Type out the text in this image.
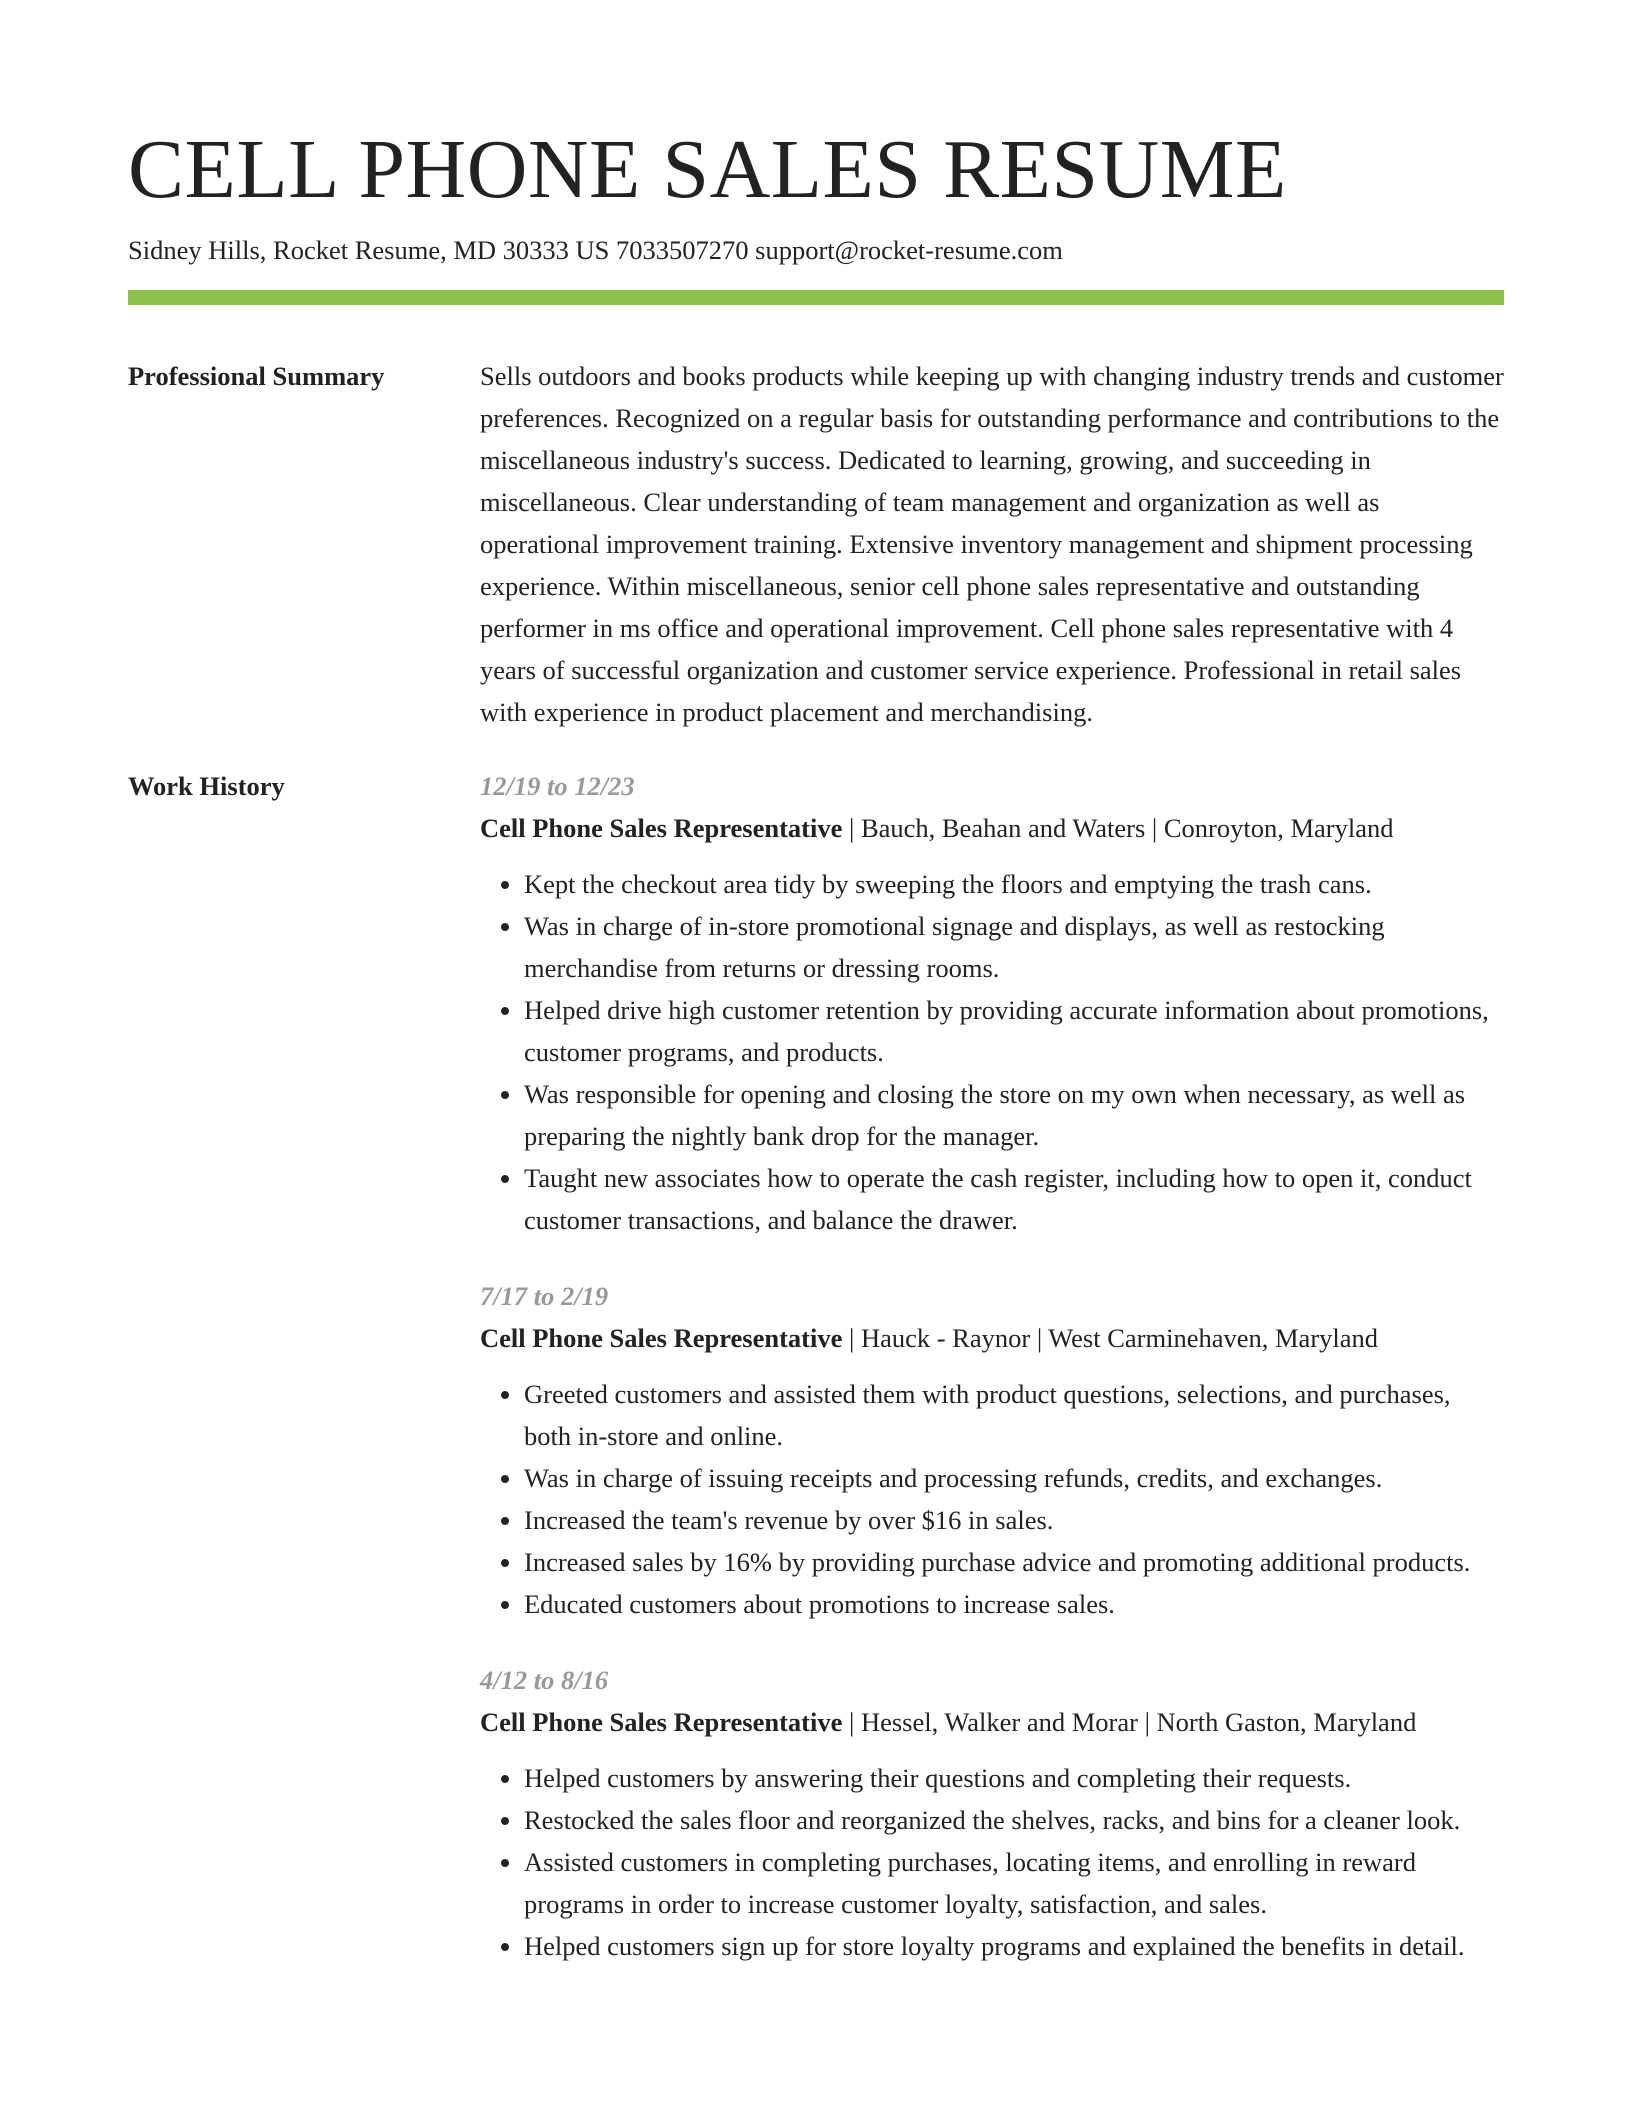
CELL PHONE SALES RESUME
Sidney Hills, Rocket Resume, MD 30333 US 7033507270 support@rocket-resume.com
Professional Summary	Sells outdoors and books products while keeping up with changing industry trends and customer preferences. Recognized on a regular basis for outstanding performance and contributions to the miscellaneous industry's success. Dedicated to learning, growing, and succeeding in miscellaneous. Clear understanding of team management and organization as well as operational improvement training. Extensive inventory management and shipment processing experience. Within miscellaneous, senior cell phone sales representative and outstanding performer in ms office and operational improvement. Cell phone sales representative with 4 years of successful organization and customer service experience. Professional in retail sales with experience in product placement and merchandising.

Work History	12/19 to 12/23
Cell Phone Sales Representative | Bauch, Beahan and Waters | Conroyton, Maryland
• Kept the checkout area tidy by sweeping the floors and emptying the trash cans.
• Was in charge of in-store promotional signage and displays, as well as restocking merchandise from returns or dressing rooms.
• Helped drive high customer retention by providing accurate information about promotions, customer programs, and products.
• Was responsible for opening and closing the store on my own when necessary, as well as preparing the nightly bank drop for the manager.
• Taught new associates how to operate the cash register, including how to open it, conduct customer transactions, and balance the drawer.
7/17 to 2/19
Cell Phone Sales Representative | Hauck - Raynor | West Carminehaven, Maryland
• Greeted customers and assisted them with product questions, selections, and purchases, both in-store and online.
• Was in charge of issuing receipts and processing refunds, credits, and exchanges.
• Increased the team's revenue by over $16 in sales.
• Increased sales by 16% by providing purchase advice and promoting additional products.
• Educated customers about promotions to increase sales.
4/12 to 8/16
Cell Phone Sales Representative | Hessel, Walker and Morar | North Gaston, Maryland
• Helped customers by answering their questions and completing their requests.
• Restocked the sales floor and reorganized the shelves, racks, and bins for a cleaner look.
• Assisted customers in completing purchases, locating items, and enrolling in reward programs in order to increase customer loyalty, satisfaction, and sales.
• Helped customers sign up for store loyalty programs and explained the benefits in detail.
